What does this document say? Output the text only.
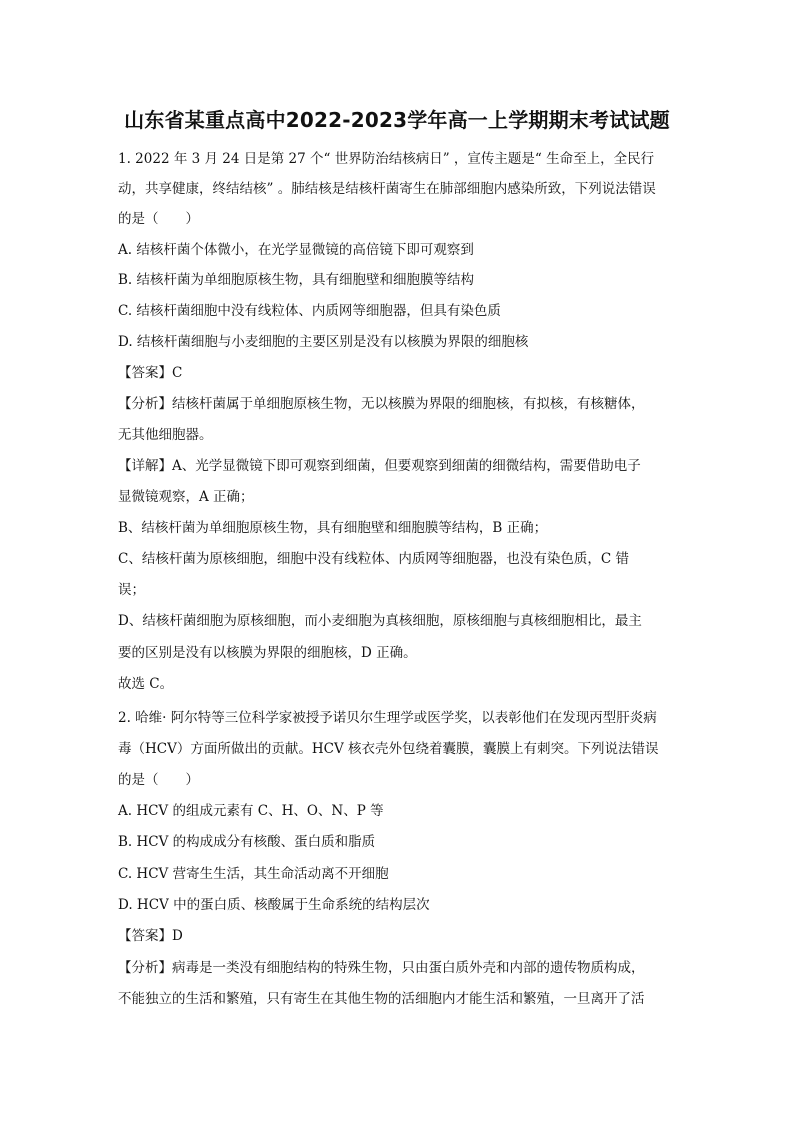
山东省某重点高中2022-2023学年高一上学期期末考试试题
1. 2022 年 3 月 24 日是第 27 个“ 世界防治结核病日” ，宣传主题是“ 生命至上，全民行
动，共享健康，终结结核” 。肺结核是结核杆菌寄生在肺部细胞内感染所致，下列说法错误
的是（　　）
A. 结核杆菌个体微小，在光学显微镜的高倍镜下即可观察到
B. 结核杆菌为单细胞原核生物，具有细胞壁和细胞膜等结构
C. 结核杆菌细胞中没有线粒体、内质网等细胞器，但具有染色质
D. 结核杆菌细胞与小麦细胞的主要区别是没有以核膜为界限的细胞核
【答案】C
【分析】结核杆菌属于单细胞原核生物，无以核膜为界限的细胞核，有拟核，有核糖体，
无其他细胞器。
【详解】A、光学显微镜下即可观察到细菌，但要观察到细菌的细微结构，需要借助电子
显微镜观察，A 正确；
B、结核杆菌为单细胞原核生物，具有细胞壁和细胞膜等结构，B 正确；
C、结核杆菌为原核细胞，细胞中没有线粒体、内质网等细胞器，也没有染色质，C 错
误；
D、结核杆菌细胞为原核细胞，而小麦细胞为真核细胞，原核细胞与真核细胞相比，最主
要的区别是没有以核膜为界限的细胞核，D 正确。
故选 C。
2. 哈维· 阿尔特等三位科学家被授予诺贝尔生理学或医学奖，以表彰他们在发现丙型肝炎病
毒（HCV）方面所做出的贡献。HCV 核衣壳外包绕着囊膜，囊膜上有刺突。下列说法错误
的是（　　）
A. HCV 的组成元素有 C、H、O、N、P 等
B. HCV 的构成成分有核酸、蛋白质和脂质
C. HCV 营寄生生活，其生命活动离不开细胞
D. HCV 中的蛋白质、核酸属于生命系统的结构层次
【答案】D
【分析】病毒是一类没有细胞结构的特殊生物，只由蛋白质外壳和内部的遗传物质构成，
不能独立的生活和繁殖，只有寄生在其他生物的活细胞内才能生活和繁殖，一旦离开了活
